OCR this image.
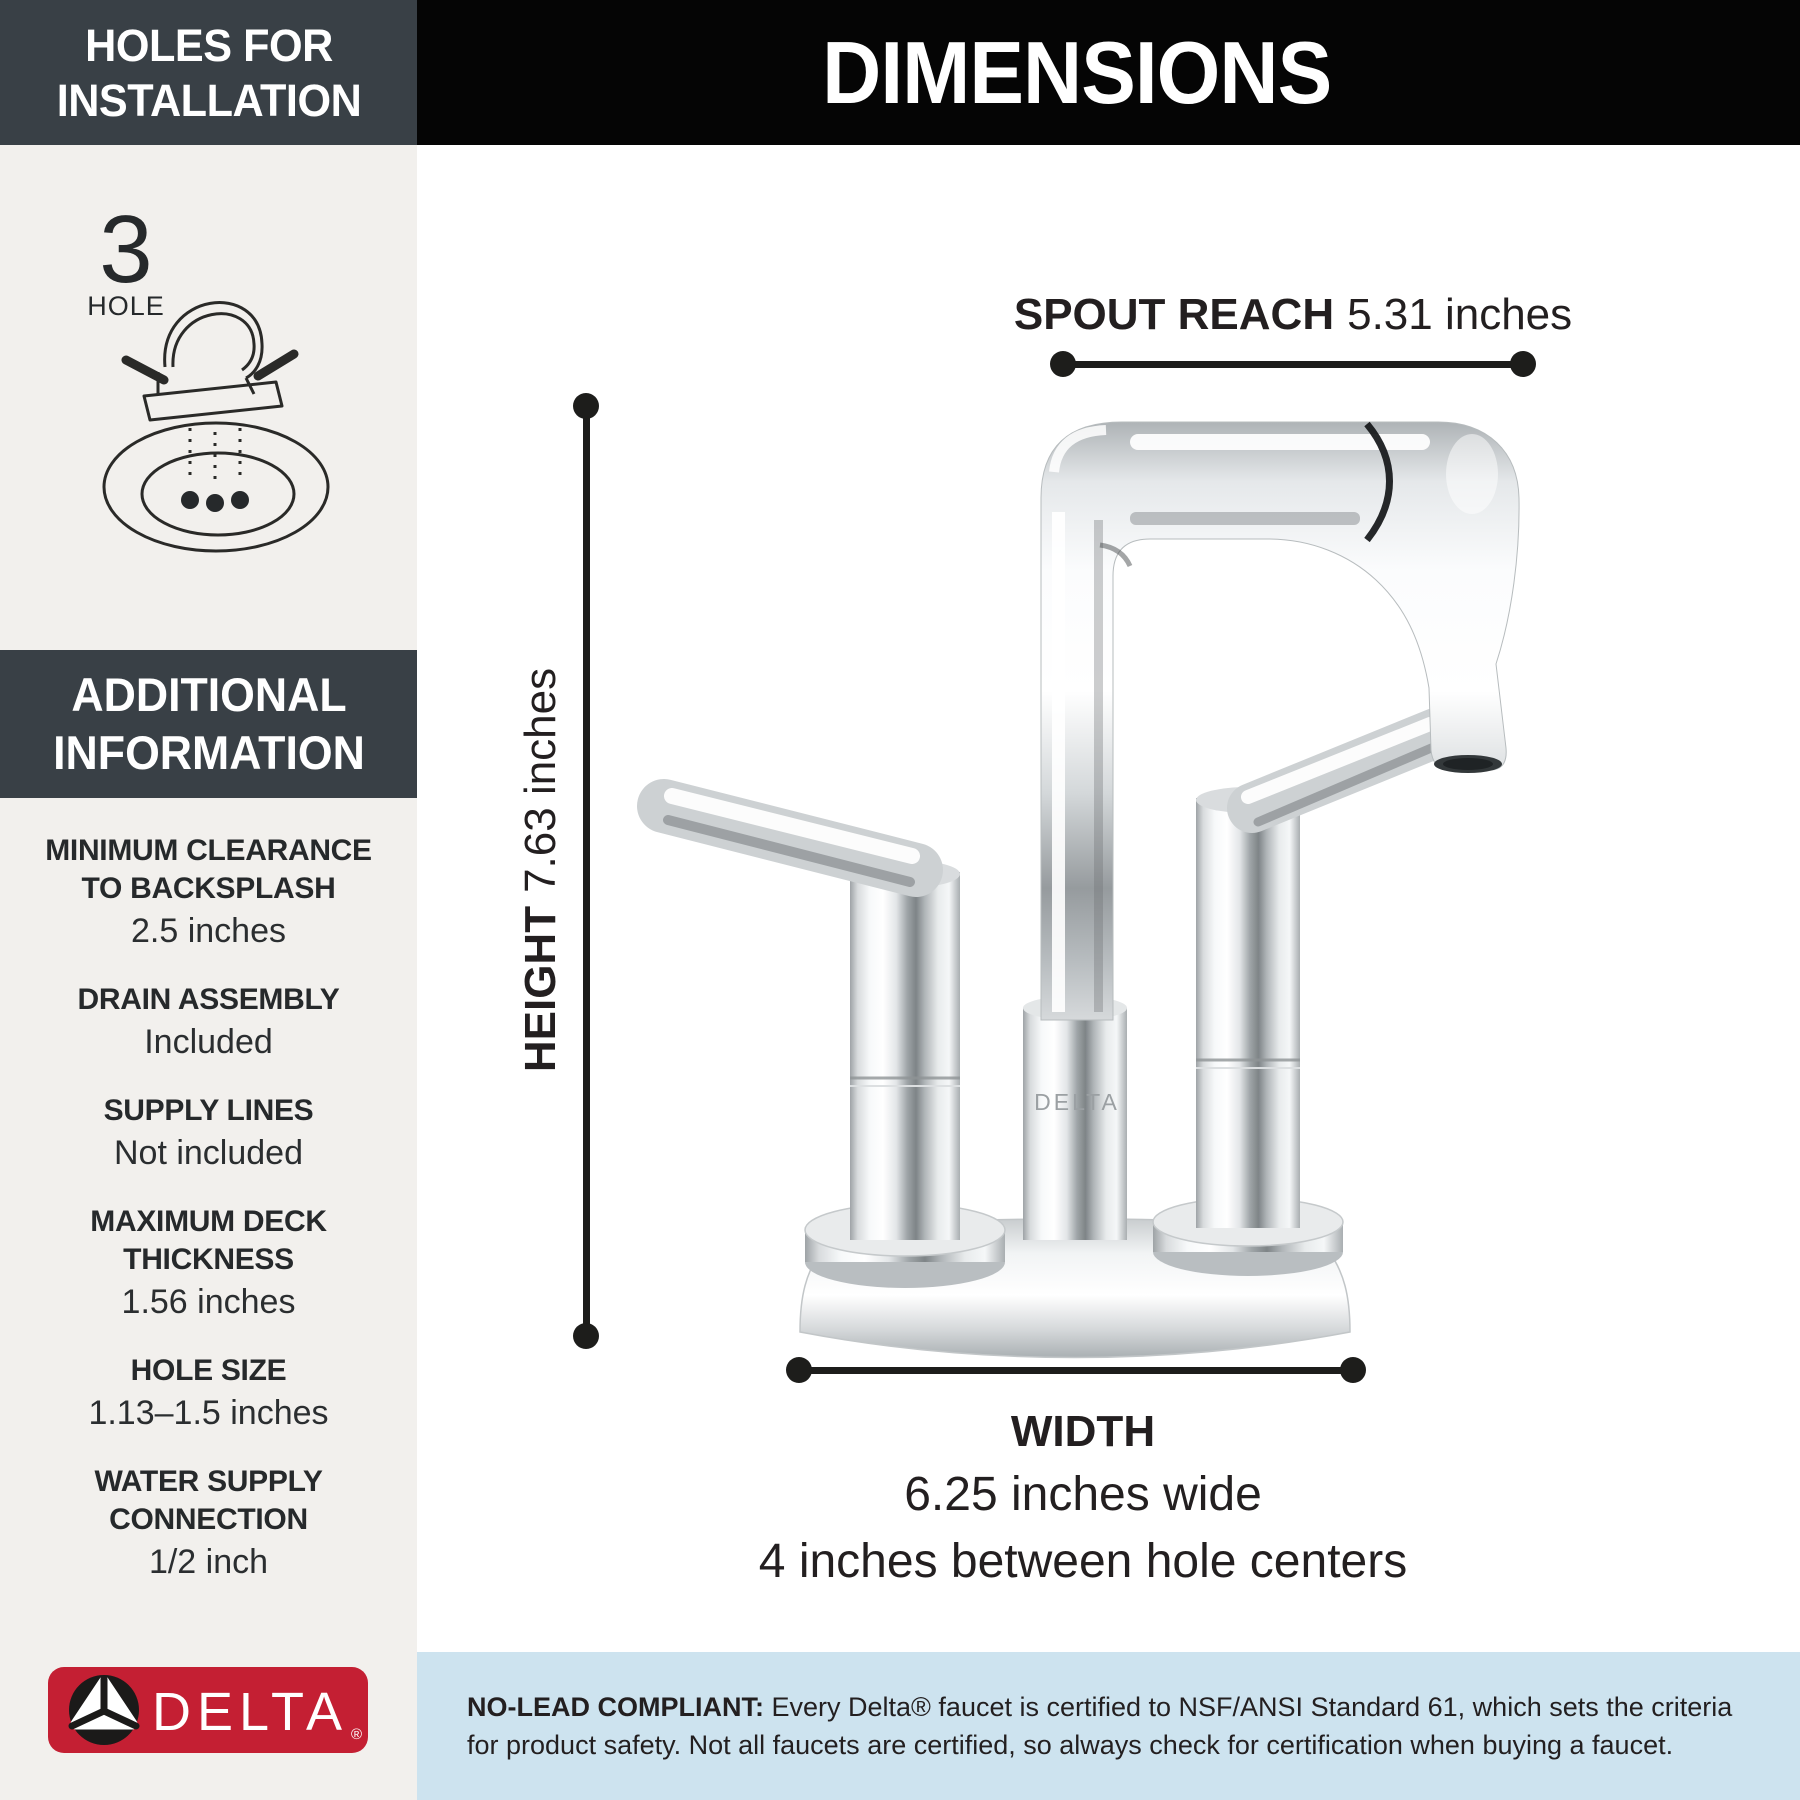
HOLES FOR INSTALLATION	DIMENSIONS
3
HOLE
ADDITIONAL INFORMATION
MINIMUM CLEARANCE TO BACKSPLASH
2.5 inches
DRAIN ASSEMBLY
Included
SUPPLY LINES
Not included
MAXIMUM DECK THICKNESS
1.56 inches
HOLE SIZE
1.13–1.5 inches
WATER SUPPLY CONNECTION
1/2 inch
DELTA ®
DELTA
SPOUT REACH 5.31 inches
HEIGHT
7.63 inches
WIDTH
6.25 inches wide
4 inches between hole centers
NO-LEAD COMPLIANT: Every Delta® faucet is certified to NSF/ANSI Standard 61, which sets the criteria for product safety. Not all faucets are certified, so always check for certification when buying a faucet.
